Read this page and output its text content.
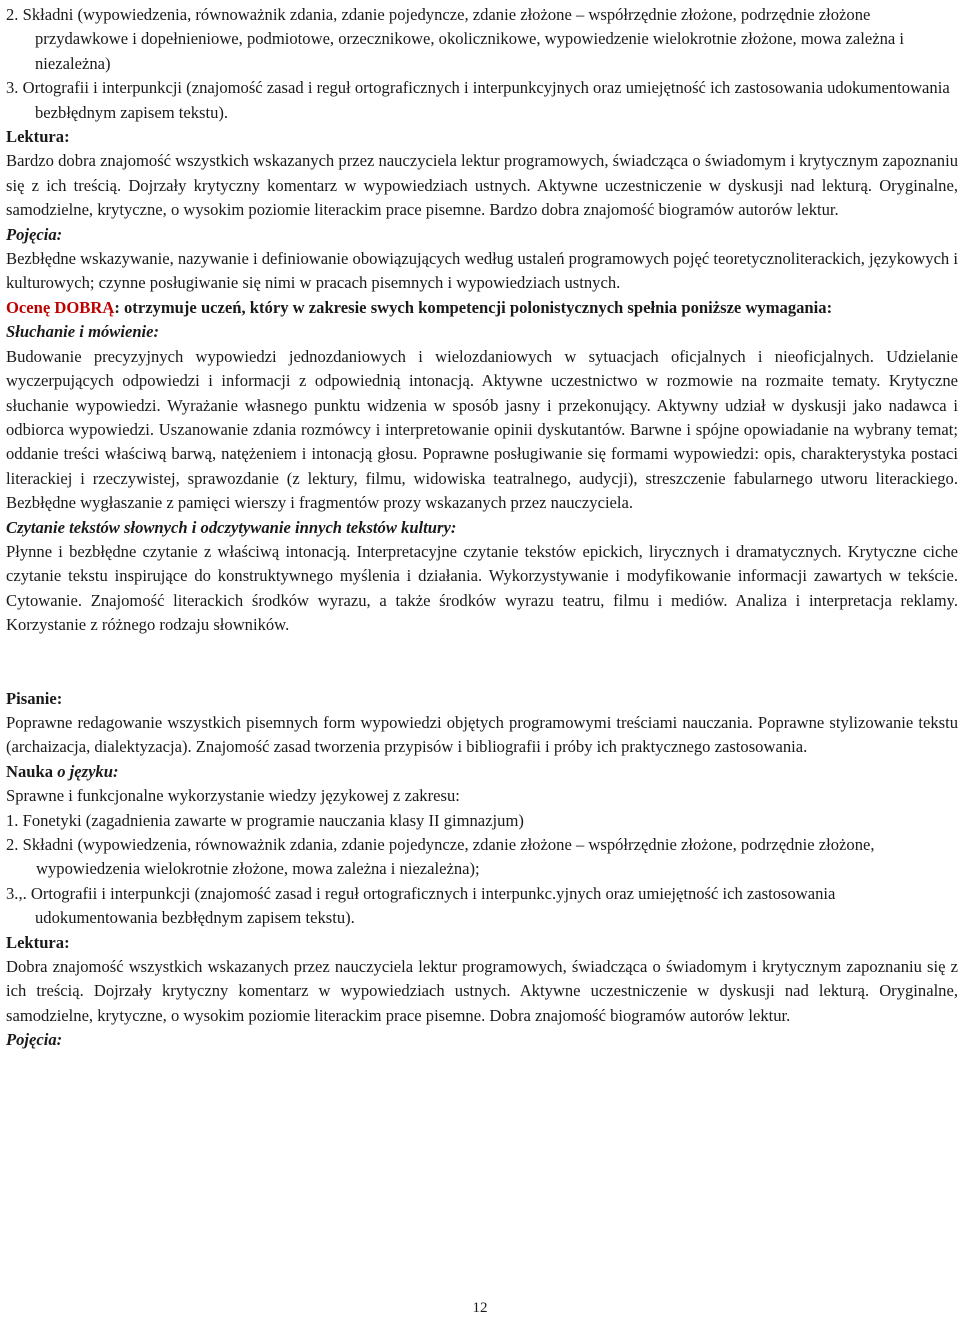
2. Składni (wypowiedzenia, równoważnik zdania, zdanie pojedyncze, zdanie złożone – współrzędnie złożone, podrzędnie złożone przydawkowe i dopełnieniowe, podmiotowe, orzecznikowe, okolicznikowe, wypowiedzenie wielokrotnie złożone, mowa zależna i niezależna)

3. Ortografii i interpunkcji (znajomość zasad i reguł ortograficznych i interpunkcyjnych oraz umiejętność ich zastosowania udokumentowania bezbłędnym zapisem tekstu).

Lektura:

Bardzo dobra znajomość wszystkich wskazanych przez nauczyciela lektur programowych, świadcząca o świadomym i krytycznym zapoznaniu się z ich treścią. Dojrzały krytyczny komentarz w wypowiedziach ustnych. Aktywne uczestniczenie w dyskusji nad lekturą. Oryginalne, samodzielne, krytyczne, o wysokim poziomie literackim prace pisemne. Bardzo dobra znajomość biogramów autorów lektur.

Pojęcia:

Bezbłędne wskazywanie, nazywanie i definiowanie obowiązujących według ustaleń programowych pojęć teoretycznoliterackich, językowych i kulturowych; czynne posługiwanie się nimi w pracach pisemnych i wypowiedziach ustnych.

Ocenę DOBRĄ: otrzymuje uczeń, który w zakresie swych kompetencji polonistycznych spełnia poniższe wymagania:

Słuchanie i mówienie:

Budowanie precyzyjnych wypowiedzi jednozdaniowych i wielozdaniowych w sytuacjach oficjalnych i nieoficjalnych. Udzielanie wyczerpujących odpowiedzi i informacji z odpowiednią intonacją. Aktywne uczestnictwo w rozmowie na rozmaite tematy. Krytyczne słuchanie wypowiedzi. Wyrażanie własnego punktu widzenia w sposób jasny i przekonujący. Aktywny udział w dyskusji jako nadawca i odbiorca wypowiedzi. Uszanowanie zdania rozmówcy i interpretowanie opinii dyskutantów. Barwne i spójne opowiadanie na wybrany temat; oddanie treści właściwą barwą, natężeniem i intonacją głosu. Poprawne posługiwanie się formami wypowiedzi: opis, charakterystyka postaci literackiej i rzeczywistej, sprawozdanie (z lektury, filmu, widowiska teatralnego, audycji), streszczenie fabularnego utworu literackiego. Bezbłędne wygłaszanie z pamięci wierszy i fragmentów prozy wskazanych przez nauczyciela.

Czytanie tekstów słownych i odczytywanie innych tekstów kultury:

Płynne i bezbłędne czytanie z właściwą intonacją. Interpretacyjne czytanie tekstów epickich, lirycznych i dramatycznych. Krytyczne ciche czytanie tekstu inspirujące do konstruktywnego myślenia i działania. Wykorzystywanie i modyfikowanie informacji zawartych w tekście. Cytowanie. Znajomość literackich środków wyrazu, a także środków wyrazu teatru, filmu i mediów. Analiza i interpretacja reklamy. Korzystanie z różnego rodzaju słowników.

Pisanie:

Poprawne redagowanie wszystkich pisemnych form wypowiedzi objętych programowymi treściami nauczania. Poprawne stylizowanie tekstu (archaizacja, dialektyzacja). Znajomość zasad tworzenia przypisów i bibliografii i próby ich praktycznego zastosowania.

Nauka o języku:

Sprawne i funkcjonalne wykorzystanie wiedzy językowej z zakresu:

1. Fonetyki (zagadnienia zawarte w programie nauczania klasy II gimnazjum)

2. Składni (wypowiedzenia, równoważnik zdania, zdanie pojedyncze, zdanie złożone – współrzędnie złożone, podrzędnie złożone, wypowiedzenia wielokrotnie złożone, mowa zależna i niezależna);

3.,. Ortografii i interpunkcji (znajomość zasad i reguł ortograficznych i interpunkc.yjnych oraz umiejętność ich zastosowania udokumentowania bezbłędnym zapisem tekstu).

Lektura:

Dobra znajomość wszystkich wskazanych przez nauczyciela lektur programowych, świadcząca o świadomym i krytycznym zapoznaniu się z ich treścią. Dojrzały krytyczny komentarz w wypowiedziach ustnych. Aktywne uczestniczenie w dyskusji nad lekturą. Oryginalne, samodzielne, krytyczne, o wysokim poziomie literackim prace pisemne. Dobra znajomość biogramów autorów lektur.

Pojęcia:

12
